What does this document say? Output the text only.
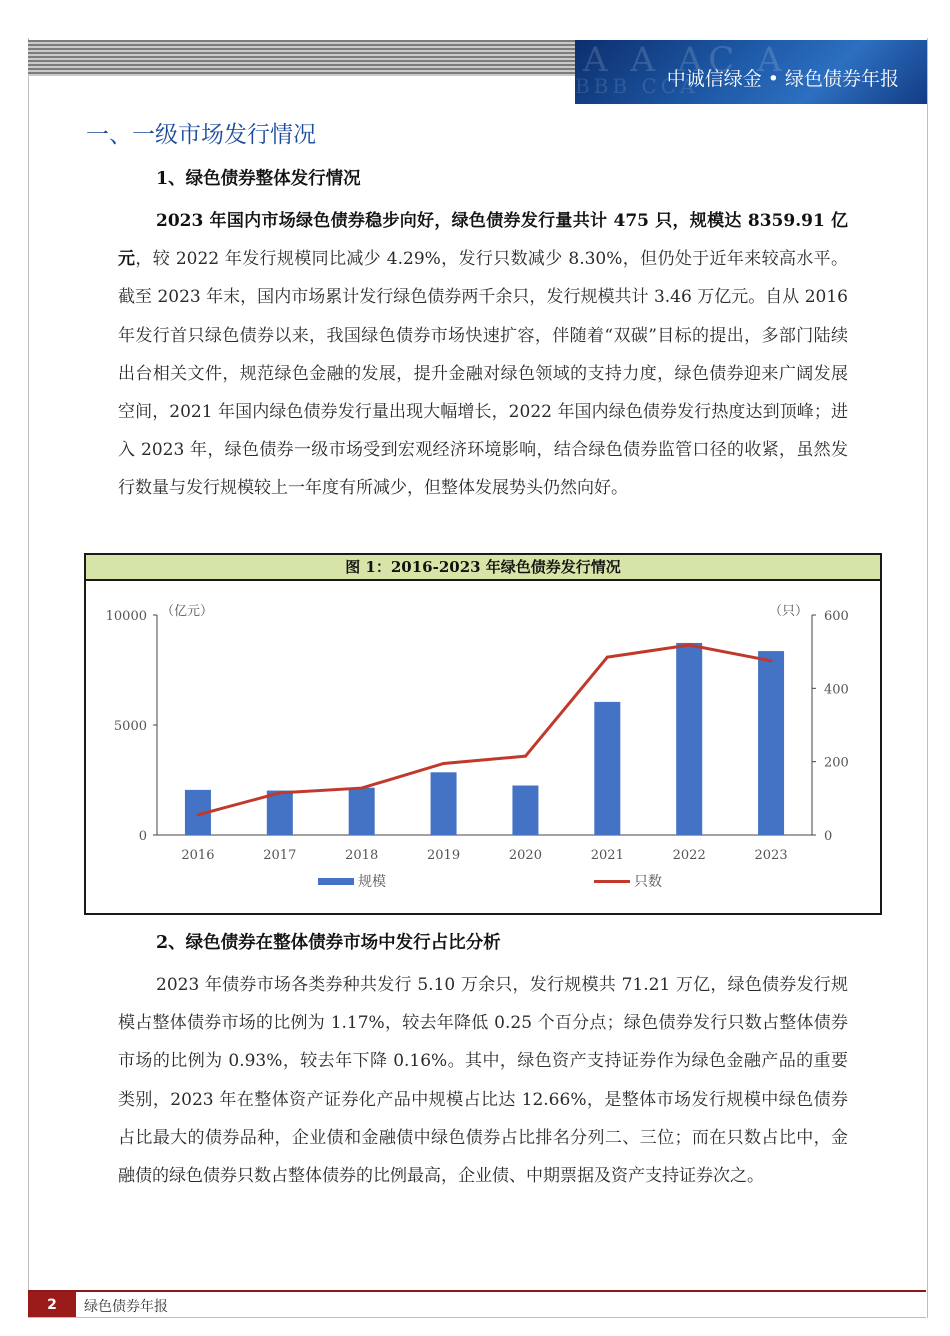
A A AC A
BBB CCA
中诚信绿金 • 绿色债券年报
一、一级市场发行情况
1、绿色债券整体发行情况
2023 年国内市场绿色债券稳步向好，绿色债券发行量共计 475 只，规模达 8359.91 亿元，较 2022 年发行规模同比减少 4.29%，发行只数减少 8.30%，但仍处于近年来较高水平。截至 2023 年末，国内市场累计发行绿色债券两千余只，发行规模共计 3.46 万亿元。自从 2016 年发行首只绿色债券以来，我国绿色债券市场快速扩容，伴随着“双碳”目标的提出，多部门陆续出台相关文件，规范绿色金融的发展，提升金融对绿色领域的支持力度，绿色债券迎来广阔发展空间，2021 年国内绿色债券发行量出现大幅增长，2022 年国内绿色债券发行热度达到顶峰；进入 2023 年，绿色债券一级市场受到宏观经济环境影响，结合绿色债券监管口径的收紧，虽然发行数量与发行规模较上一年度有所减少，但整体发展势头仍然向好。
图 1：2016-2023 年绿色债券发行情况
0
5000
10000
0
200
400
600
（亿元）	（只）
2016	2017	2018	2019	2020	2021	2022	2023
规模	只数
2、绿色债券在整体债券市场中发行占比分析
2023 年债券市场各类券种共发行 5.10 万余只，发行规模共 71.21 万亿，绿色债券发行规模占整体债券市场的比例为 1.17%，较去年降低 0.25 个百分点；绿色债券发行只数占整体债券市场的比例为 0.93%，较去年下降 0.16%。其中，绿色资产支持证券作为绿色金融产品的重要类别，2023 年在整体资产证券化产品中规模占比达 12.66%，是整体市场发行规模中绿色债券占比最大的债券品种，企业债和金融债中绿色债券占比排名分列二、三位；而在只数占比中，金融债的绿色债券只数占整体债券的比例最高，企业债、中期票据及资产支持证券次之。
2	绿色债券年报
